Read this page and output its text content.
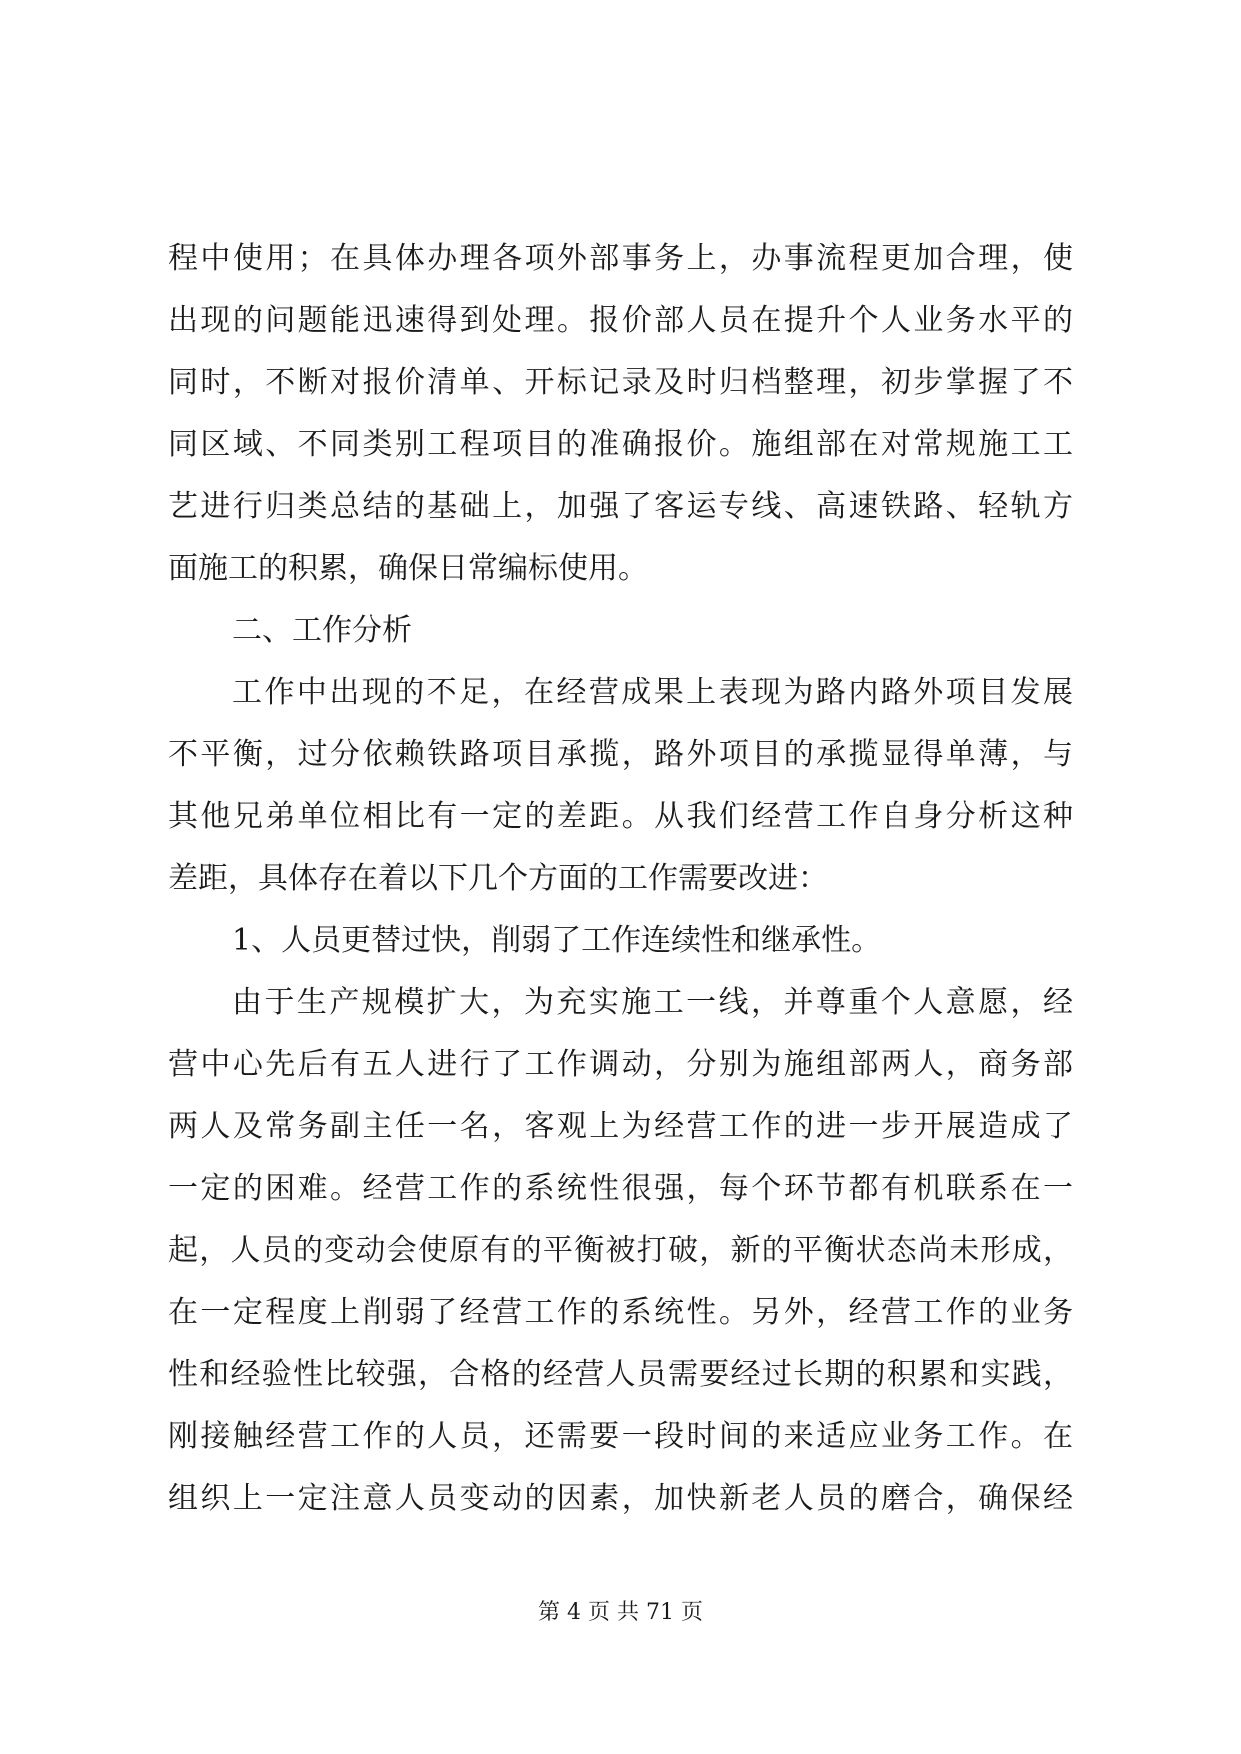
程中使用；在具体办理各项外部事务上，办事流程更加合理，使
出现的问题能迅速得到处理。报价部人员在提升个人业务水平的
同时，不断对报价清单、开标记录及时归档整理，初步掌握了不
同区域、不同类别工程项目的准确报价。施组部在对常规施工工
艺进行归类总结的基础上，加强了客运专线、高速铁路、轻轨方
面施工的积累，确保日常编标使用。
二、工作分析
工作中出现的不足，在经营成果上表现为路内路外项目发展
不平衡，过分依赖铁路项目承揽，路外项目的承揽显得单薄，与
其他兄弟单位相比有一定的差距。从我们经营工作自身分析这种
差距，具体存在着以下几个方面的工作需要改进：
1、人员更替过快，削弱了工作连续性和继承性。
由于生产规模扩大，为充实施工一线，并尊重个人意愿，经
营中心先后有五人进行了工作调动，分别为施组部两人，商务部
两人及常务副主任一名，客观上为经营工作的进一步开展造成了
一定的困难。经营工作的系统性很强，每个环节都有机联系在一
起，人员的变动会使原有的平衡被打破，新的平衡状态尚未形成，
在一定程度上削弱了经营工作的系统性。另外，经营工作的业务
性和经验性比较强，合格的经营人员需要经过长期的积累和实践，
刚接触经营工作的人员，还需要一段时间的来适应业务工作。在
组织上一定注意人员变动的因素，加快新老人员的磨合，确保经
第 4 页 共 71 页
